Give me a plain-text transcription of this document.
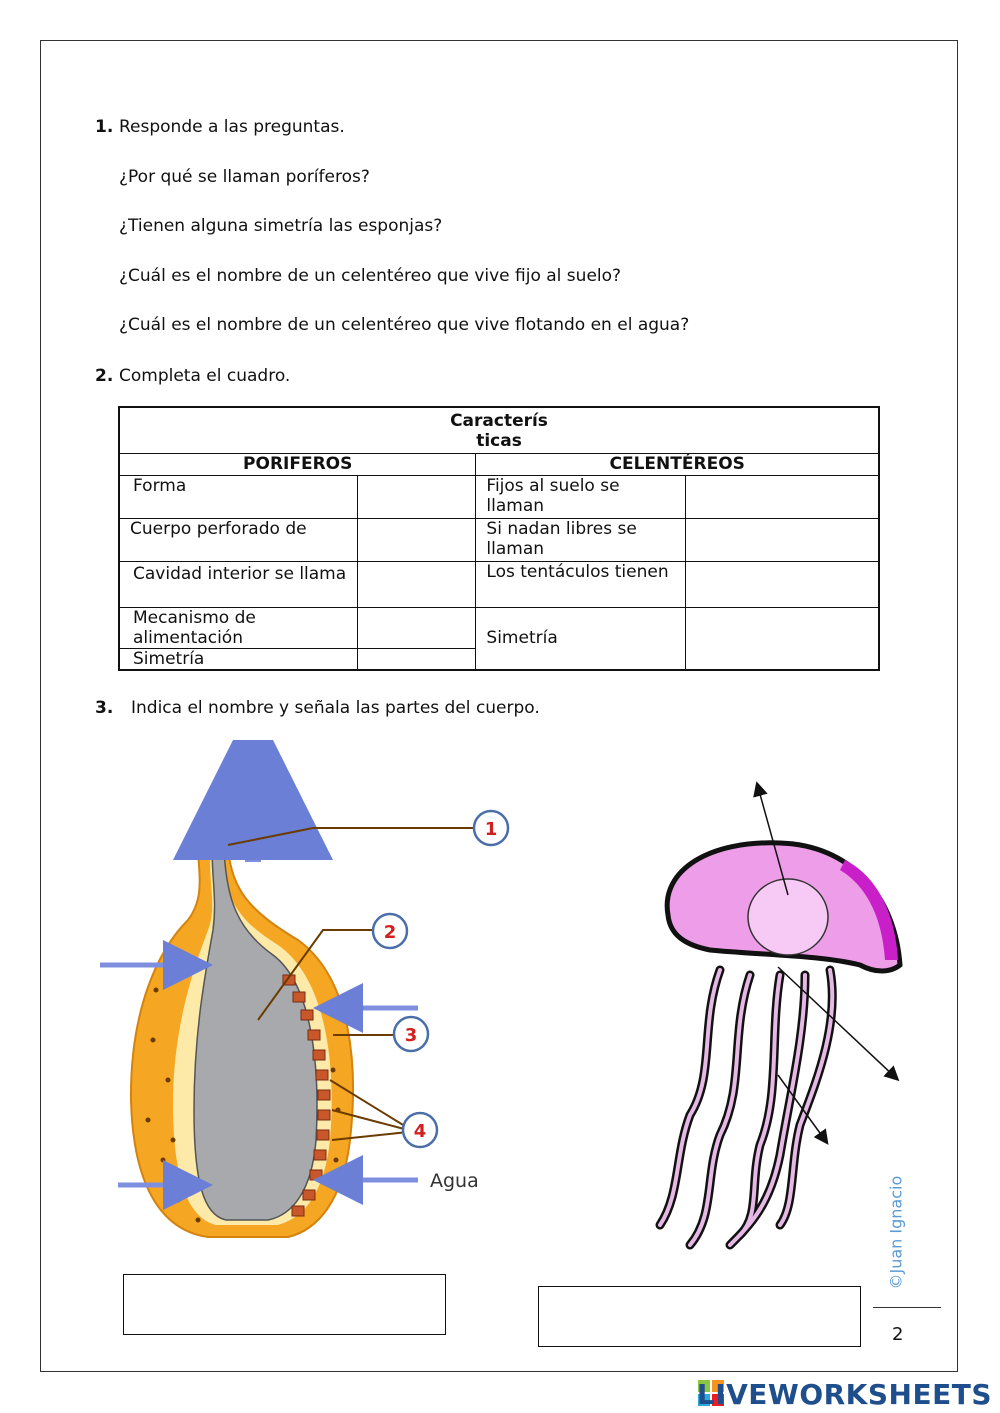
1. Responde a las preguntas.
¿Por qué se llaman poríferos?
¿Tienen alguna simetría las esponjas?
¿Cuál es el nombre de un celentéreo que vive fijo al suelo?
¿Cuál es el nombre de un celentéreo que vive flotando en el agua?
2. Completa el cuadro.
Caracterís
ticas			
PORIFEROS		CELENTÉREOS	
Forma		Fijos al suelo se llaman	
Cuerpo perforado de		Si nadan libres se llaman	
Cavidad interior se llama		Los tentáculos tienen	
Mecanismo de alimentación		Simetría	
Simetría			
3. Indica el nombre y señala las partes del cuerpo.
1
2
3
4
Agua	©Juan Ignacio
2
LIVEWORKSHEETS
